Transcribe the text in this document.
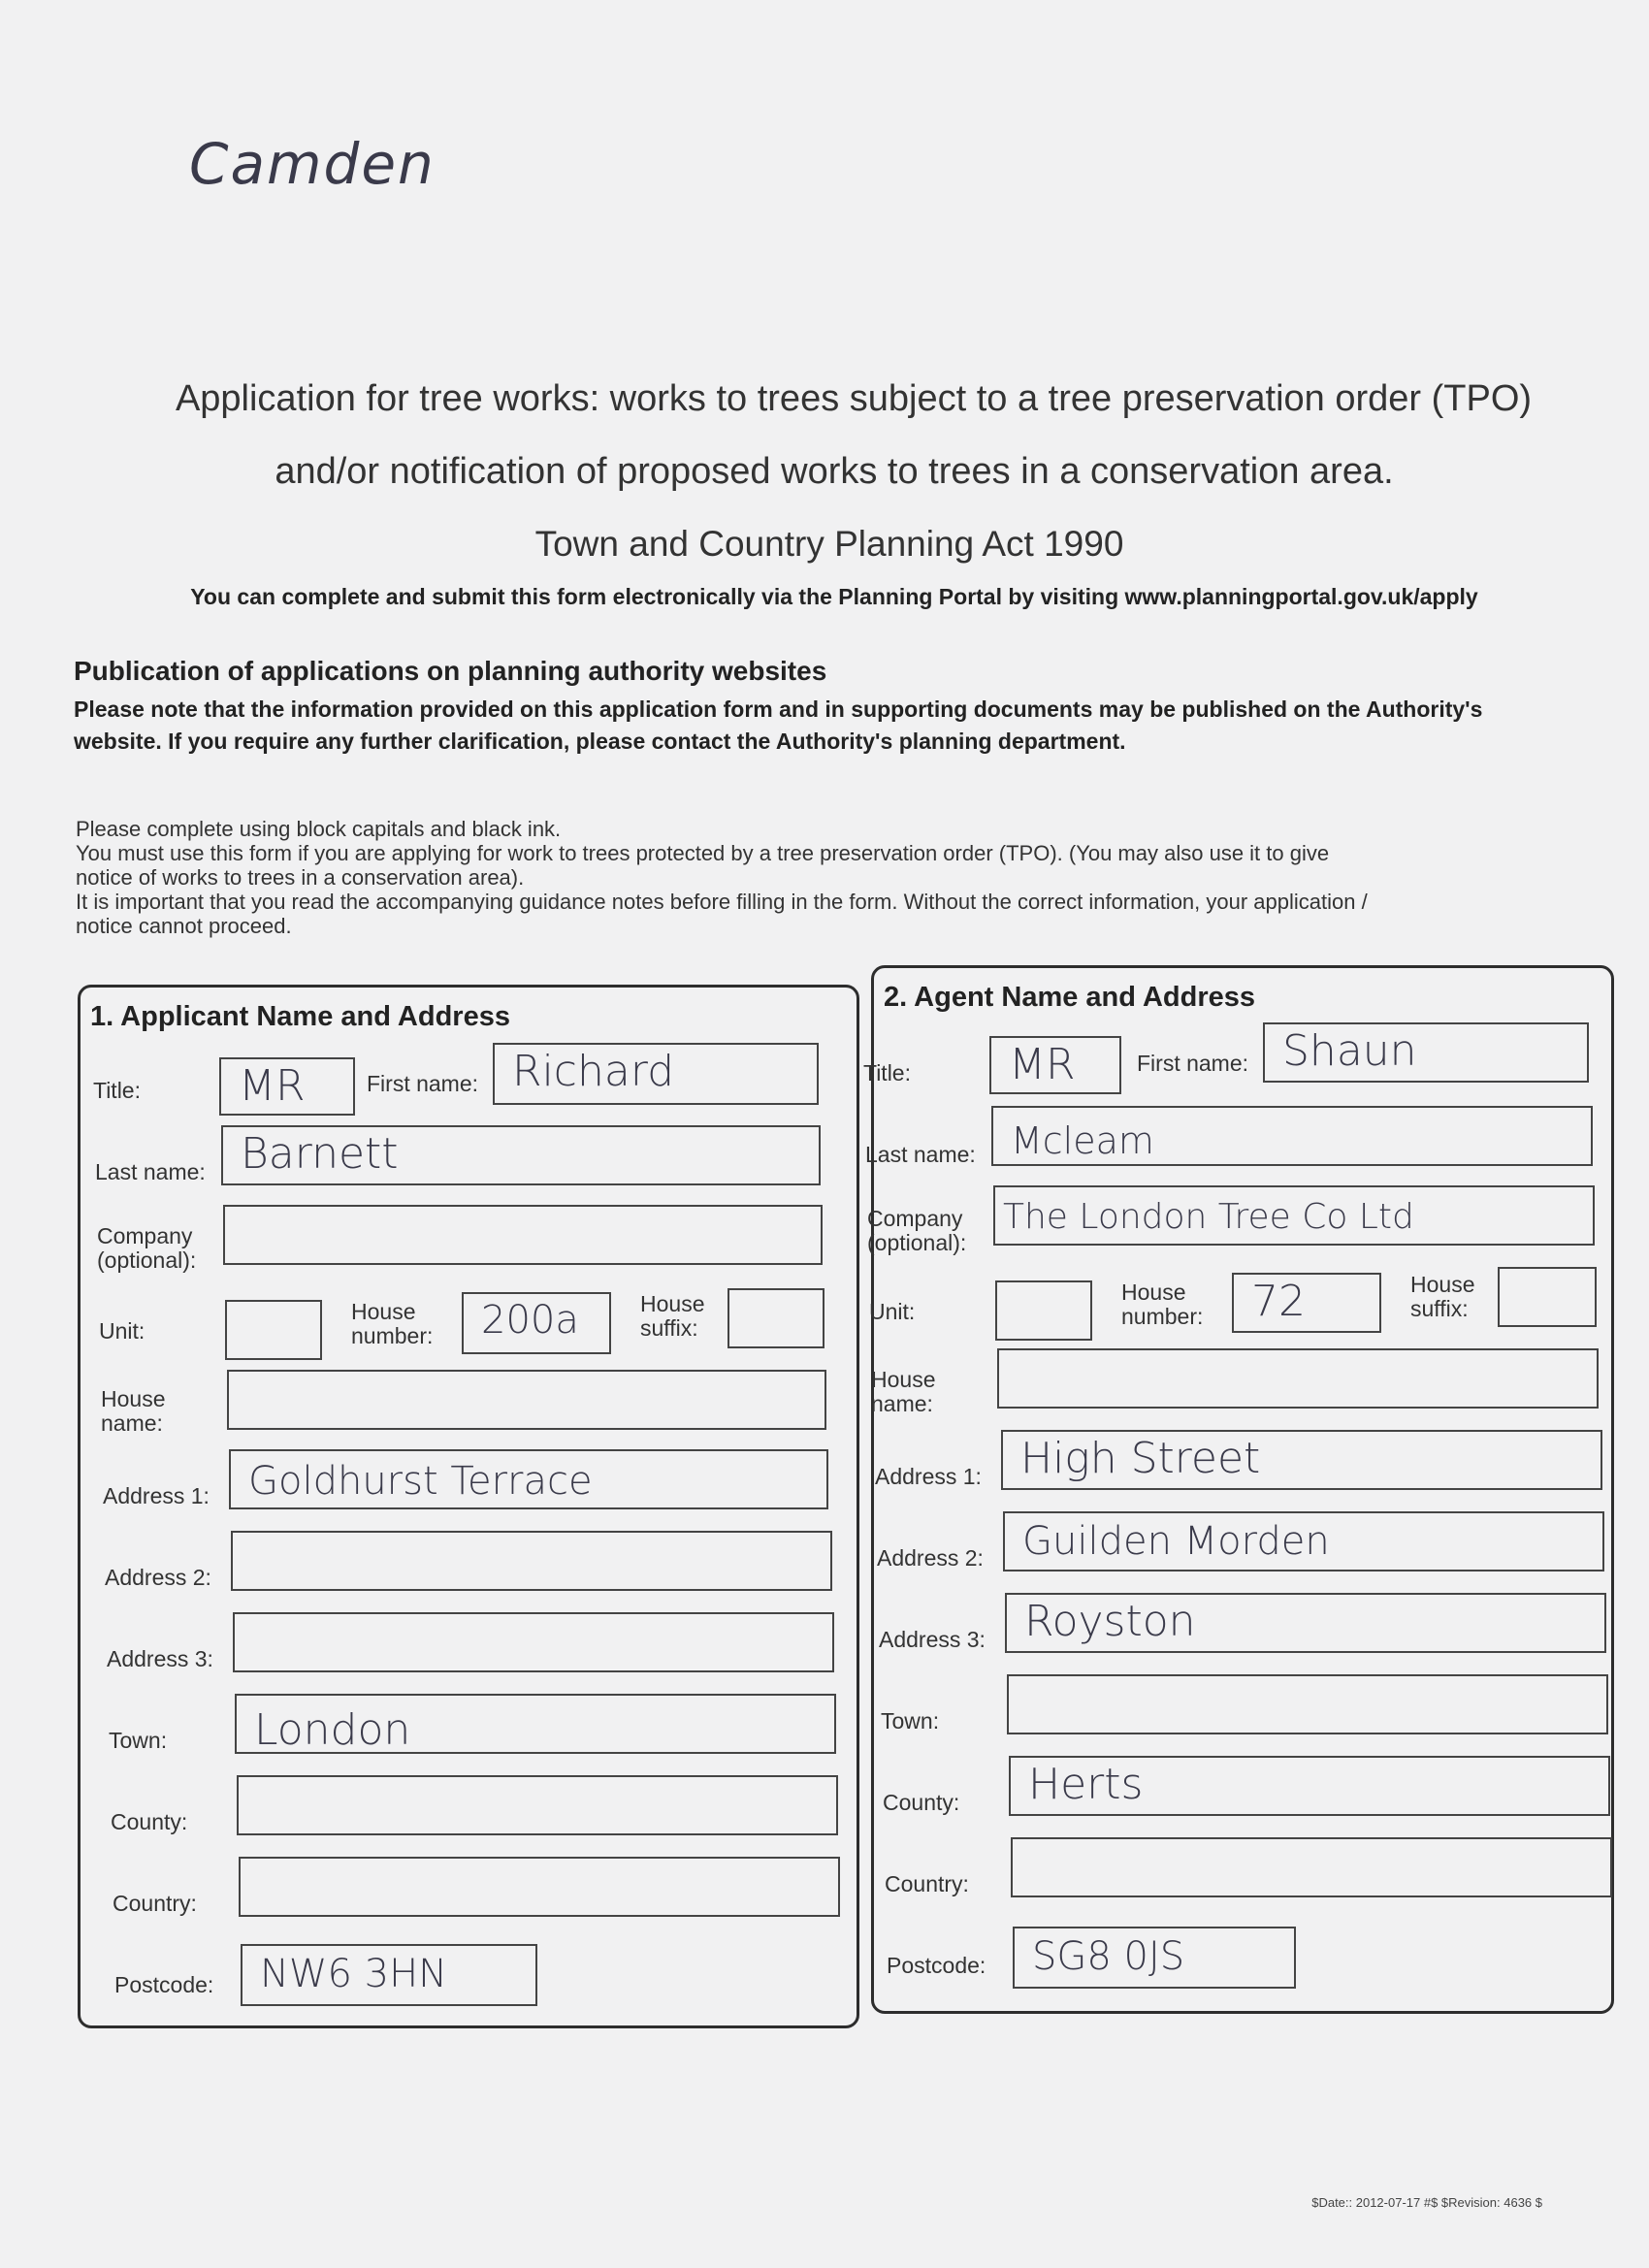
Camden
Application for tree works: works to trees subject to a tree preservation order (TPO)
and/or notification of proposed works to trees in a conservation area.
Town and Country Planning Act 1990
You can complete and submit this form electronically via the Planning Portal by visiting www.planningportal.gov.uk/apply
Publication of applications on planning authority websites
Please note that the information provided on this application form and in supporting documents may be published on the Authority's website. If you require any further clarification, please contact the Authority's planning department.
Please complete using block capitals and black ink.
You must use this form if you are applying for work to trees protected by a tree preservation order (TPO). (You may also use it to give
notice of works to trees in a conservation area).
It is important that you read the accompanying guidance notes before filling in the form. Without the correct information, your application /
notice cannot proceed.
1. Applicant Name and Address
2. Agent Name and Address
Title: MR	First name: Richard
Last name: Barnett
Company (optional):
Unit:
House number:	200a	House suffix:
House name:
Address 1: Goldhurst Terrace
Address 2:
Address 3:
Town: London
County:
Country:
Postcode: NW6 3HN
Title: MR	First name: Shaun
Last name: Mcleam
Company (optional):
The London Tree Co Ltd
Unit:
House number:	72	House suffix:
House name:
Address 1: High Street
Address 2: Guilden Morden
Address 3: Royston
Town:
County: Herts
Country:
Postcode: SG8 0JS
$Date:: 2012-07-17 #$ $Revision: 4636 $
